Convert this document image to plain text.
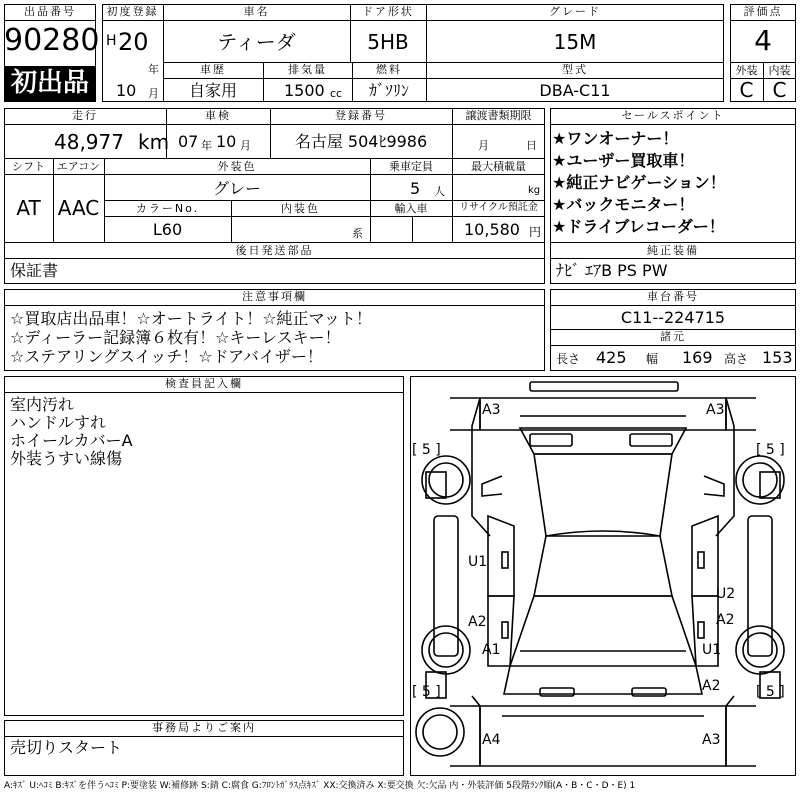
出品番号
90280
初出品
初度登録
H 20
年
10 月
車名
ティーダ
ドア形状
5HB
グレード
15M
車歴
自家用
排気量
1500 cc
燃料
ｶﾞｿﾘﾝ
型式
DBA-C11
評価点
4
外装	内装
C C
走行
48,977 km
車検
07 年 10 月
登録番号
名古屋 504ﾋ9986
譲渡書類期限
月	日
シフト	エアコン
AT AAC
外装色
グレー
乗車定員
5 人
最大積載量
kg
カラーNo.
L60
内装色
系
輸入車	リサイクル預託金
10,580 円
後日発送部品
保証書
セールスポイント
★ワンオーナー！
★ユーザー買取車！
★純正ナビゲーション！
★バックモニター！
★ドライブレコーダー！
純正装備
ﾅﾋﾞ ｴｱB PS PW
注意事項欄
☆買取店出品車！☆オートライト！☆純正マット！
☆ディーラー記録簿６枚有！☆キーレスキー！
☆ステアリングスイッチ！☆ドアバイザー！
車台番号
C11--224715
諸元
長さ 425 幅 169 高さ 153
検査員記入欄
室内汚れ
ハンドルすれ
ホイールカバーA
外装うすい線傷
事務局よりご案内
売切りスタート
A3	A3
U1
A2
A1
U2
A2
U1
A2
A4	A3
[ 5 ]	[ 5 ]
[ 5 ]	[ 5 ]
A:ｷｽﾞ U:ﾍｺﾐ B:ｷｽﾞを伴うﾍｺﾐ P:要塗装 W:補修跡 S:錆 C:腐食 G:ﾌﾛﾝﾄｶﾞﾗｽ点ｷｽﾞ XX:交換済み X:要交換 欠:欠品 内・外装評価 5段階ﾗﾝｸ順(A・B・C・D・E) 1
